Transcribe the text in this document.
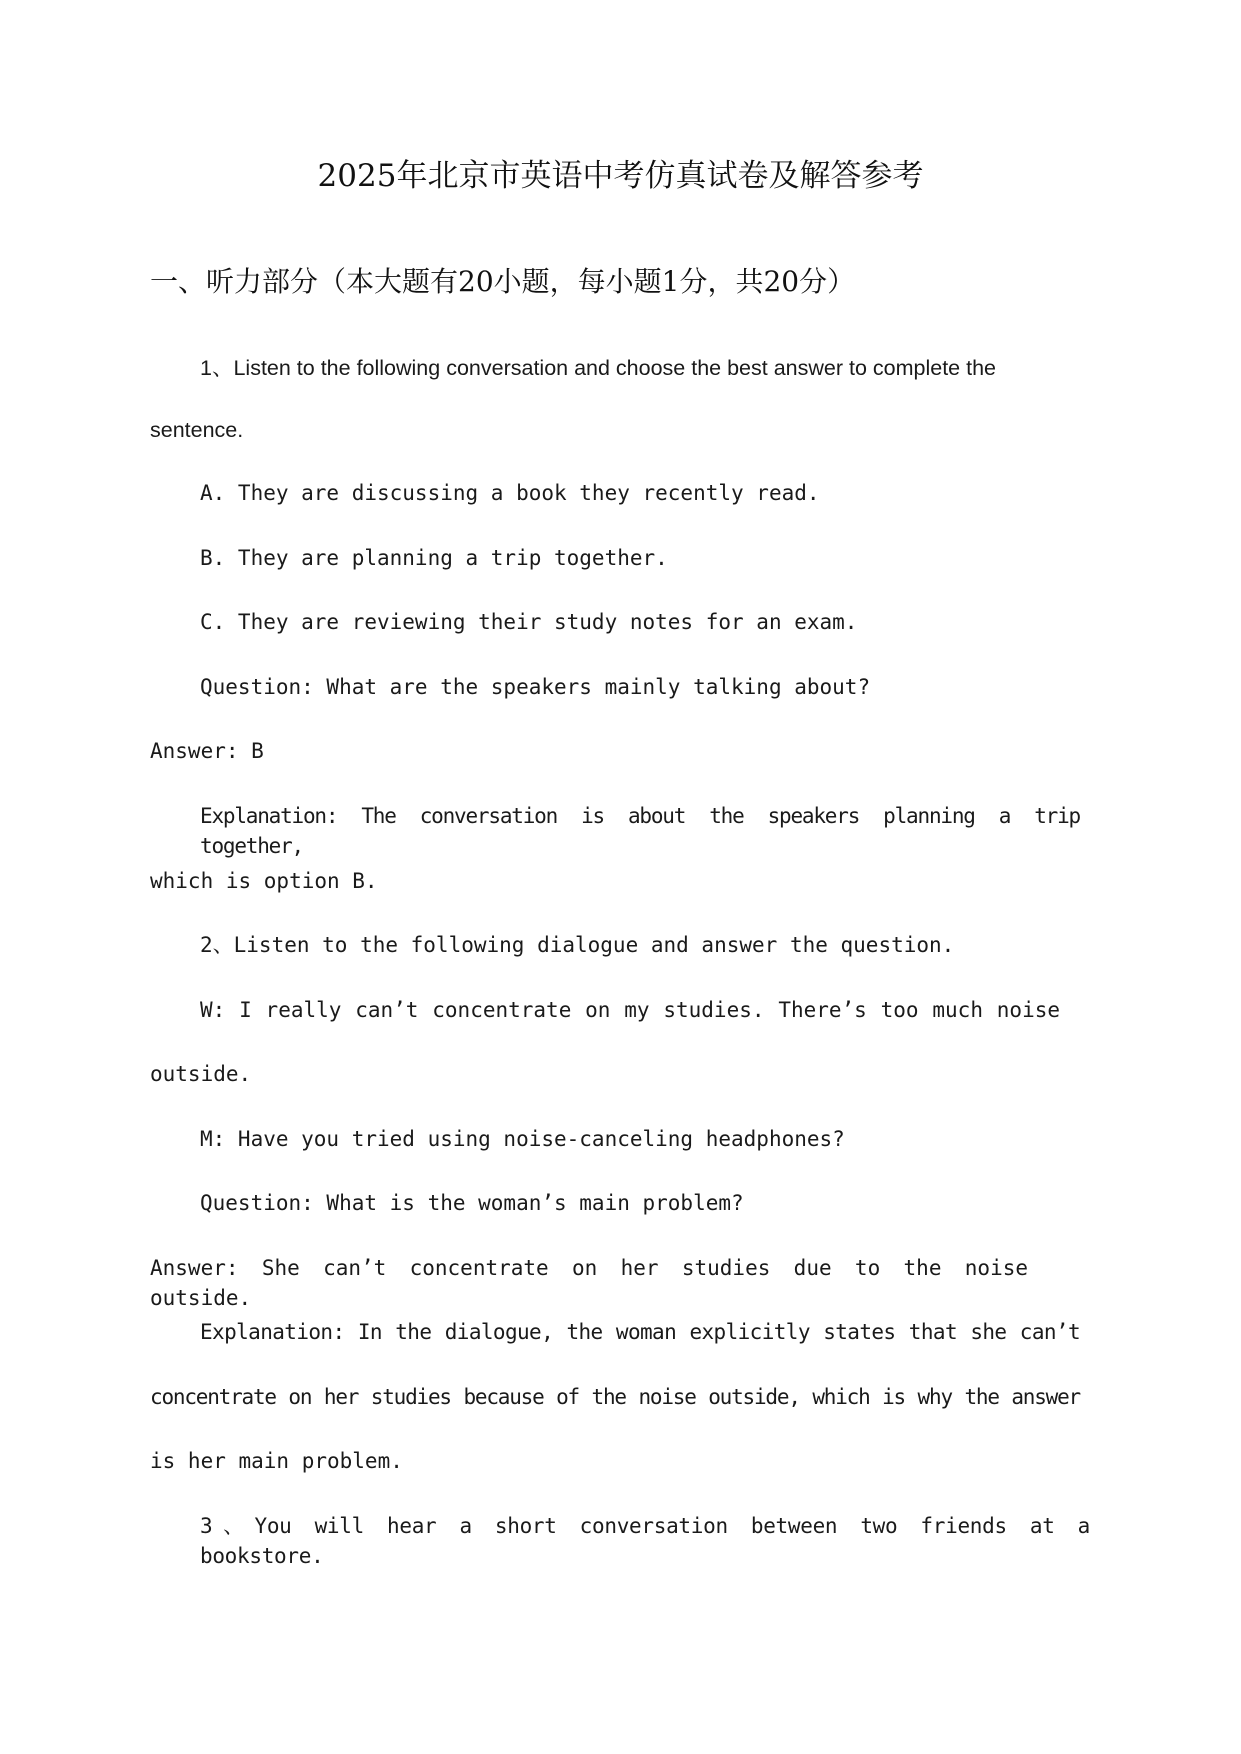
2025年北京市英语中考仿真试卷及解答参考
一、听力部分（本大题有20小题，每小题1分，共20分）
1、Listen to the following conversation and choose the best answer to complete the
sentence.
A. They are discussing a book they recently read.
B. They are planning a trip together.
C. They are reviewing their study notes for an exam.
Question: What are the speakers mainly talking about?
Answer: B
Explanation: The conversation is about the speakers planning a trip together,
which is option B.
2、Listen to the following dialogue and answer the question.
W: I really can’t concentrate on my studies. There’s too much noise
outside.
M: Have you tried using noise-canceling headphones?
Question: What is the woman’s main problem?
Answer: She can’t concentrate on her studies due to the noise outside.
Explanation: In the dialogue, the woman explicitly states that she can’t
concentrate on her studies because of the noise outside, which is why the answer
is her main problem.
3、You will hear a short conversation between two friends at a bookstore.
